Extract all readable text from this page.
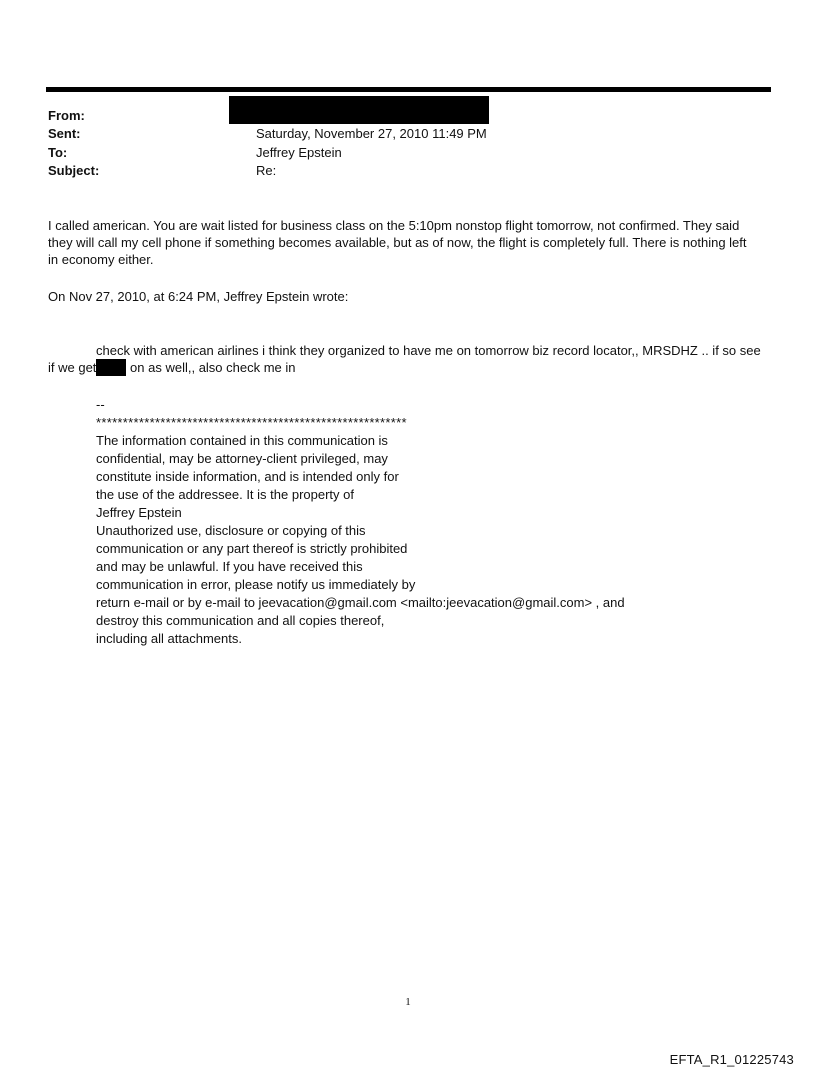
From:
Sent:	Saturday, November 27, 2010 11:49 PM
To:	Jeffrey Epstein
Subject:	Re:
I called american. You are wait listed for business class on the 5:10pm nonstop flight tomorrow, not confirmed. They said they will call my cell phone if something becomes available, but as of now, the flight is completely full. There is nothing left in economy either.
On Nov 27, 2010, at 6:24 PM, Jeffrey Epstein wrote:
check with american airlines i think they organized to have me on tomorrow biz record locator,, MRSDHZ .. if so see if we get	on as well,, also check me in
--
**********************************************************
The information contained in this communication is
confidential, may be attorney-client privileged, may
constitute inside information, and is intended only for
the use of the addressee. It is the property of
Jeffrey Epstein
Unauthorized use, disclosure or copying of this
communication or any part thereof is strictly prohibited
and may be unlawful. If you have received this
communication in error, please notify us immediately by
return e-mail or by e-mail to jeevacation@gmail.com <mailto:jeevacation@gmail.com> , and
destroy this communication and all copies thereof,
including all attachments.
1
EFTA_R1_01225743
